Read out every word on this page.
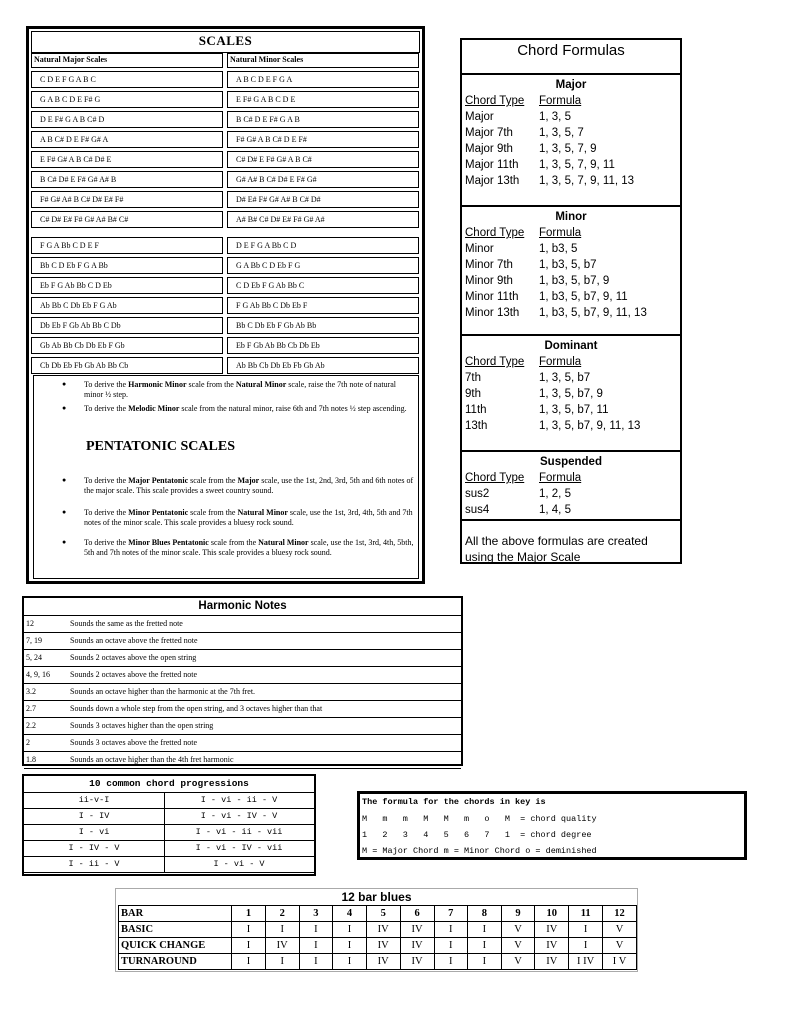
SCALES
Natural Major Scales
C D E F G A B C
G A B C D E F# G
D E F# G A B C# D
A B C# D E F# G# A
E F# G# A B C# D# E
B C# D# E F# G# A# B
F# G# A# B C# D# E# F#
C# D# E# F# G# A# B# C#
F G A Bb C D E F
Bb C D Eb F G A Bb
Eb F G Ab Bb C D Eb
Ab Bb C Db Eb F G Ab
Db Eb F Gb Ab Bb C Db
Gb Ab Bb Cb Db Eb F Gb
Cb Db Eb Fb Gb Ab Bb Cb
Natural Minor Scales
A B C D E F G A
E F# G A B C D E
B C# D E F# G A B
F# G# A B C# D E F#
C# D# E F# G# A B C#
G# A# B C# D# E F# G#
D# E# F# G# A# B C# D#
A# B# C# D# E# F# G# A#
D E F G A Bb C D
G A Bb C D Eb F G
C D Eb F G Ab Bb C
F G Ab Bb C Db Eb F
Bb C Db Eb F Gb Ab Bb
Eb F Gb Ab Bb Cb Db Eb
Ab Bb Cb Db Eb Fb Gb Ab
● To derive the Harmonic Minor scale from the Natural Minor scale, raise the 7th note of natural minor ½ step.
● To derive the Melodic Minor scale from the natural minor, raise 6th and 7th notes ½ step ascending.
PENTATONIC SCALES
● To derive the Major Pentatonic scale from the Major scale, use the 1st, 2nd, 3rd, 5th and 6th notes of the major scale. This scale provides a sweet country sound.
● To derive the Minor Pentatonic scale from the Natural Minor scale, use the 1st, 3rd, 4th, 5th and 7th notes of the minor scale. This scale provides a bluesy rock sound.
● To derive the Minor Blues Pentatonic scale from the Natural Minor scale, use the 1st, 3rd, 4th, 5bth, 5th and 7th notes of the minor scale. This scale provides a bluesy rock sound.
Chord Formulas
Major
Chord Type Formula
Major	1, 3, 5
Major 7th 1, 3, 5, 7
Major 9th 1, 3, 5, 7, 9
Major 11th 1, 3, 5, 7, 9, 11
Major 13th 1, 3, 5, 7, 9, 11, 13
Minor
Chord Type Formula
Minor	1, b3, 5
Minor 7th 1, b3, 5, b7
Minor 9th 1, b3, 5, b7, 9
Minor 11th 1, b3, 5, b7, 9, 11
Minor 13th 1, b3, 5, b7, 9, 11, 13
Dominant
Chord Type Formula
7th	1, 3, 5, b7
9th	1, 3, 5, b7, 9
11th	1, 3, 5, b7, 11
13th	1, 3, 5, b7, 9, 11, 13
Suspended
Chord Type Formula
sus2	1, 2, 5
sus4	1, 4, 5
All the above formulas are created
using the Major Scale
Harmonic Notes
12	Sounds the same as the fretted note
7, 19	Sounds an octave above the fretted note
5, 24	Sounds 2 octaves above the open string
4, 9, 16	Sounds 2 octaves above the fretted note
3.2	Sounds an octave higher than the harmonic at the 7th fret.
2.7	Sounds down a whole step from the open string, and 3 octaves higher than that
2.2	Sounds 3 octaves higher than the open string
2	Sounds 3 octaves above the fretted note
1.8	Sounds an octave higher than the 4th fret harmonic
10 common chord progressions
ii-v-I	I - vi - ii - V
I - IV	I - vi - IV - V
I - vi	I - vi - ii - vii
I - IV - V	I - vi - IV - vii
I - ii - V	I - vi - V
The formula for the chords in key is
M   m   m   M   M   m   o   M  = chord quality
1   2   3   4   5   6   7   1  = chord degree
M = Major Chord m = Minor Chord o = deminished
12 bar blues
BAR	1	2	3	4	5	6	7	8	9	10	11	12
BASIC	I	I	I	I	IV	IV	I	I	V	IV	I	V
QUICK CHANGE	I	IV	I	I	IV	IV	I	I	V	IV	I	V
TURNAROUND	I	I	I	I	IV	IV	I	I	V	IV	I IV	I V
